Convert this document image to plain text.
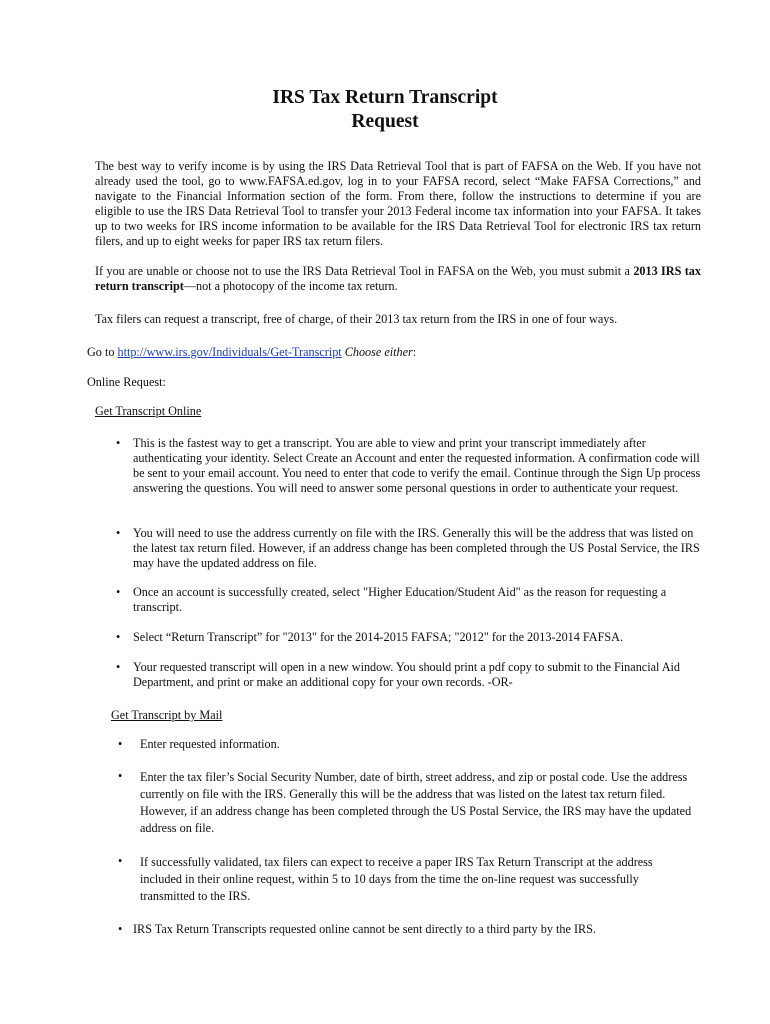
IRS Tax Return Transcript
Request

The best way to verify income is by using the IRS Data Retrieval Tool that is part of FAFSA on the Web. If you have not already used the tool, go to www.FAFSA.ed.gov, log in to your FAFSA record, select “Make FAFSA Corrections,” and navigate to the Financial Information section of the form. From there, follow the instructions to determine if you are eligible to use the IRS Data Retrieval Tool to transfer your 2013 Federal income tax information into your FAFSA. It takes up to two weeks for IRS income information to be available for the IRS Data Retrieval Tool for electronic IRS tax return filers, and up to eight weeks for paper IRS tax return filers.

If you are unable or choose not to use the IRS Data Retrieval Tool in FAFSA on the Web, you must submit a 2013 IRS tax return transcript—not a photocopy of the income tax return.

Tax filers can request a transcript, free of charge, of their 2013 tax return from the IRS in one of four ways.

Go to http://www.irs.gov/Individuals/Get-Transcript Choose either:

Online Request:

Get Transcript Online

• This is the fastest way to get a transcript. You are able to view and print your transcript immediately after authenticating your identity. Select Create an Account and enter the requested information. A confirmation code will be sent to your email account. You need to enter that code to verify the email. Continue through the Sign Up process answering the questions. You will need to answer some personal questions in order to authenticate your request.

• You will need to use the address currently on file with the IRS. Generally this will be the address that was listed on the latest tax return filed. However, if an address change has been completed through the US Postal Service, the IRS may have the updated address on file.

• Once an account is successfully created, select "Higher Education/Student Aid" as the reason for requesting a transcript.

• Select “Return Transcript” for "2013" for the 2014-2015 FAFSA; "2012" for the 2013-2014 FAFSA.

• Your requested transcript will open in a new window. You should print a pdf copy to submit to the Financial Aid Department, and print or make an additional copy for your own records. -OR-

Get Transcript by Mail

• Enter requested information.

• Enter the tax filer’s Social Security Number, date of birth, street address, and zip or postal code. Use the address currently on file with the IRS. Generally this will be the address that was listed on the latest tax return filed. However, if an address change has been completed through the US Postal Service, the IRS may have the updated address on file.

• If successfully validated, tax filers can expect to receive a paper IRS Tax Return Transcript at the address included in their online request, within 5 to 10 days from the time the on-line request was successfully transmitted to the IRS.

• IRS Tax Return Transcripts requested online cannot be sent directly to a third party by the IRS.
